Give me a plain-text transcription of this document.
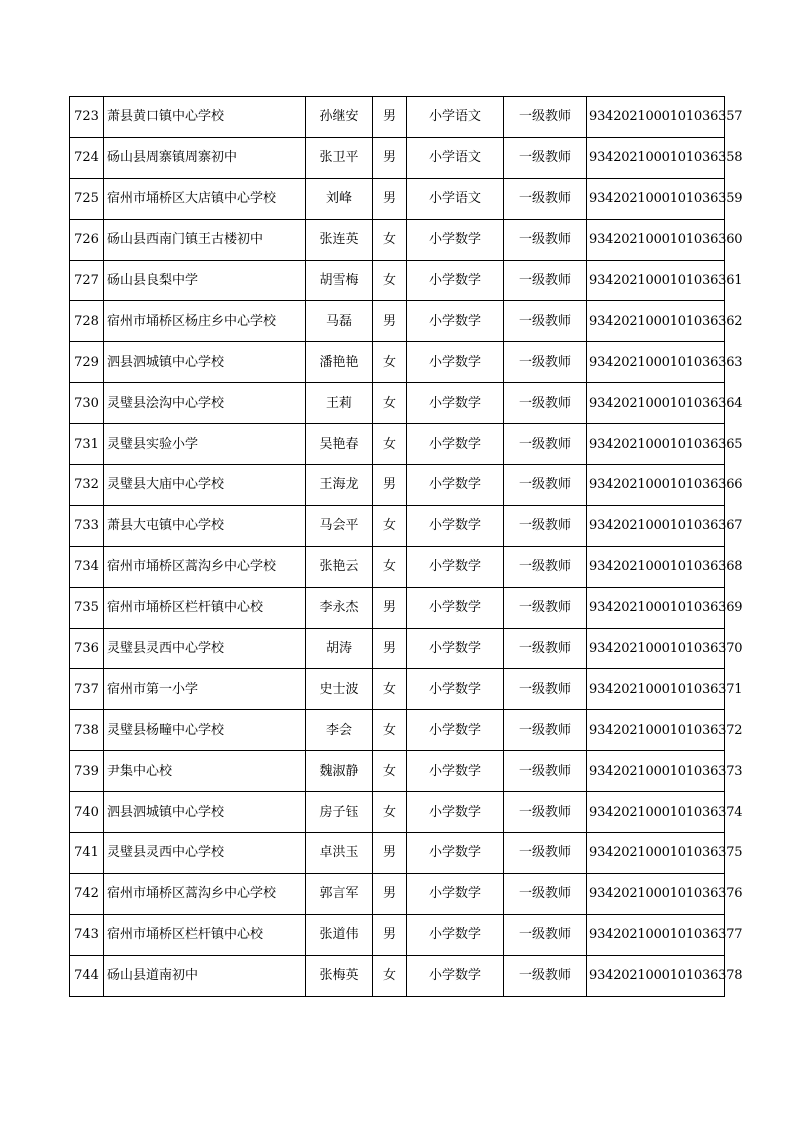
723	萧县黄口镇中心学校	孙继安	男	小学语文	一级教师	9342021000101036357
724	砀山县周寨镇周寨初中	张卫平	男	小学语文	一级教师	9342021000101036358
725	宿州市埇桥区大店镇中心学校	刘峰	男	小学语文	一级教师	9342021000101036359
726	砀山县西南门镇王古楼初中	张连英	女	小学数学	一级教师	9342021000101036360
727	砀山县良梨中学	胡雪梅	女	小学数学	一级教师	9342021000101036361
728	宿州市埇桥区杨庄乡中心学校	马磊	男	小学数学	一级教师	9342021000101036362
729	泗县泗城镇中心学校	潘艳艳	女	小学数学	一级教师	9342021000101036363
730	灵璧县浍沟中心学校	王莉	女	小学数学	一级教师	9342021000101036364
731	灵璧县实验小学	吴艳春	女	小学数学	一级教师	9342021000101036365
732	灵璧县大庙中心学校	王海龙	男	小学数学	一级教师	9342021000101036366
733	萧县大屯镇中心学校	马会平	女	小学数学	一级教师	9342021000101036367
734	宿州市埇桥区蒿沟乡中心学校	张艳云	女	小学数学	一级教师	9342021000101036368
735	宿州市埇桥区栏杆镇中心校	李永杰	男	小学数学	一级教师	9342021000101036369
736	灵璧县灵西中心学校	胡涛	男	小学数学	一级教师	9342021000101036370
737	宿州市第一小学	史士波	女	小学数学	一级教师	9342021000101036371
738	灵璧县杨疃中心学校	李会	女	小学数学	一级教师	9342021000101036372
739	尹集中心校	魏淑静	女	小学数学	一级教师	9342021000101036373
740	泗县泗城镇中心学校	房子钰	女	小学数学	一级教师	9342021000101036374
741	灵璧县灵西中心学校	卓洪玉	男	小学数学	一级教师	9342021000101036375
742	宿州市埇桥区蒿沟乡中心学校	郭言军	男	小学数学	一级教师	9342021000101036376
743	宿州市埇桥区栏杆镇中心校	张道伟	男	小学数学	一级教师	9342021000101036377
744	砀山县道南初中	张梅英	女	小学数学	一级教师	9342021000101036378
